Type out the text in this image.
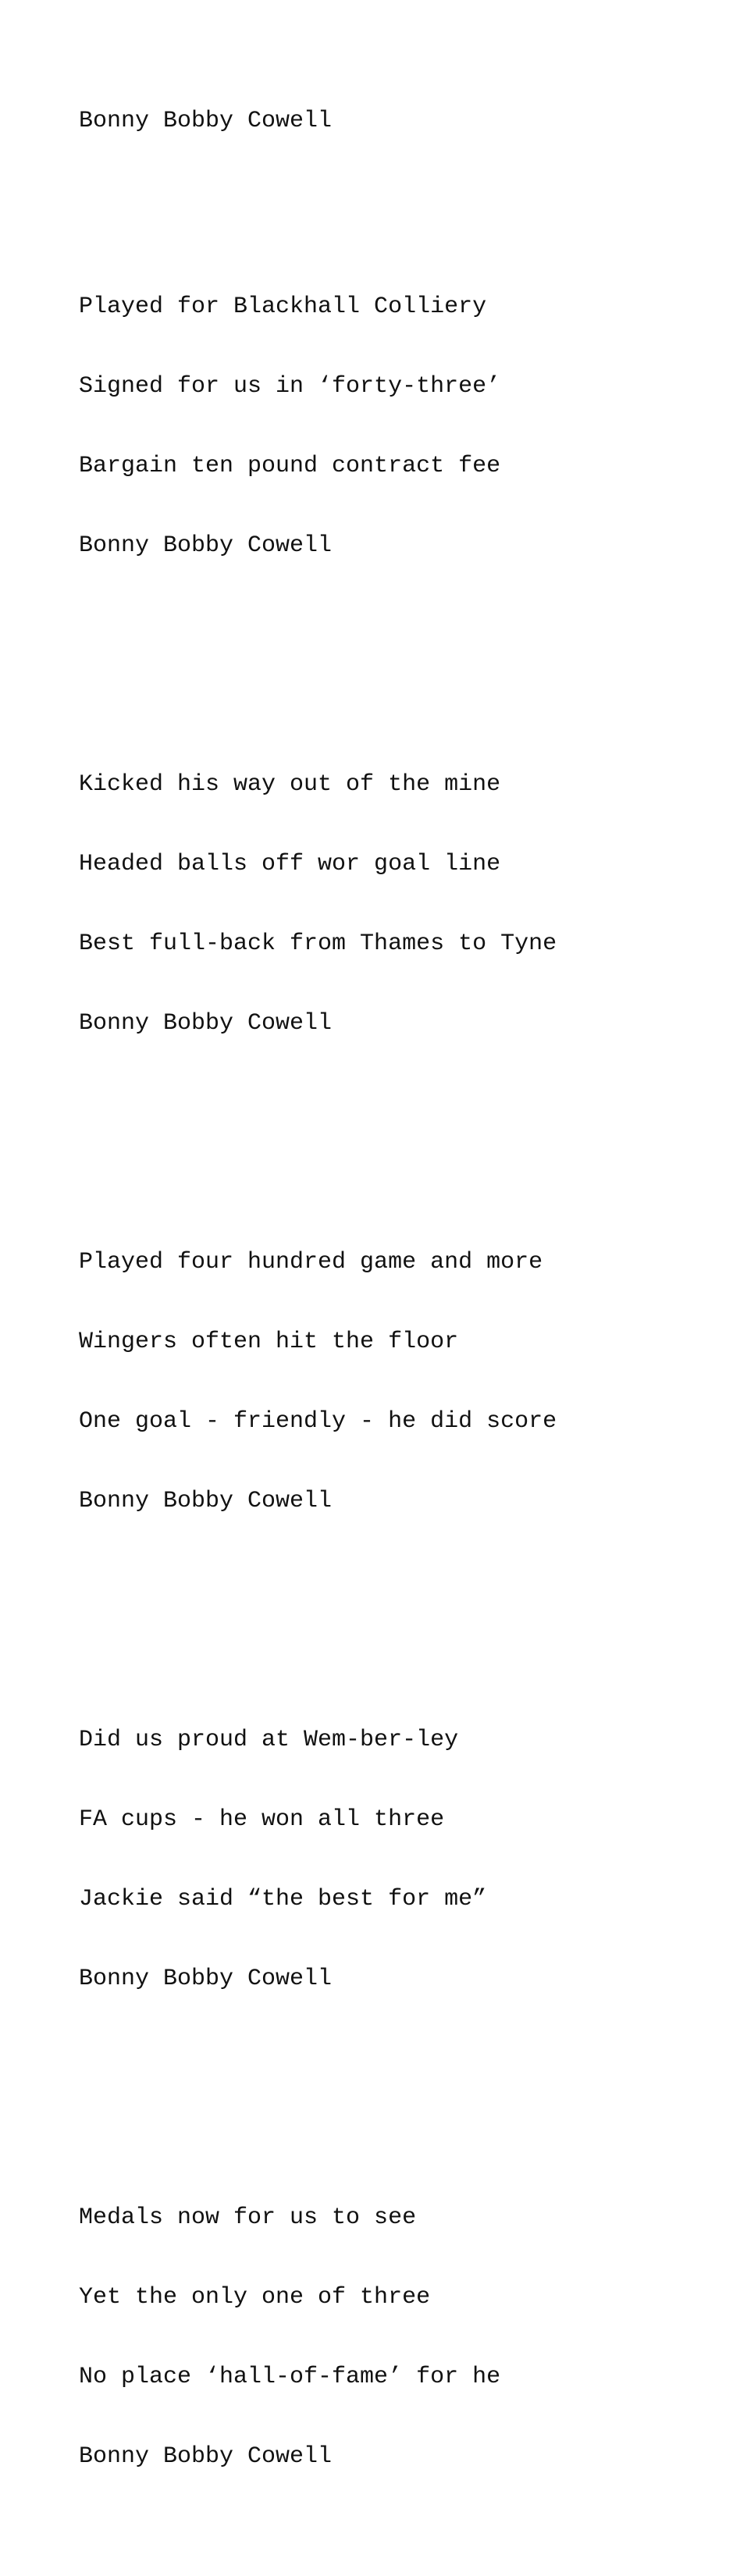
Bonny Bobby Cowell

Played for Blackhall Colliery

Signed for us in ‘forty-three’

Bargain ten pound contract fee

Bonny Bobby Cowell

Kicked his way out of the mine

Headed balls off wor goal line

Best full-back from Thames to Tyne

Bonny Bobby Cowell

Played four hundred game and more

Wingers often hit the floor

One goal - friendly - he did score

Bonny Bobby Cowell

Did us proud at Wem-ber-ley

FA cups - he won all three

Jackie said “the best for me”

Bonny Bobby Cowell

Medals now for us to see

Yet the only one of three

No place ‘hall-of-fame’ for he

Bonny Bobby Cowell
